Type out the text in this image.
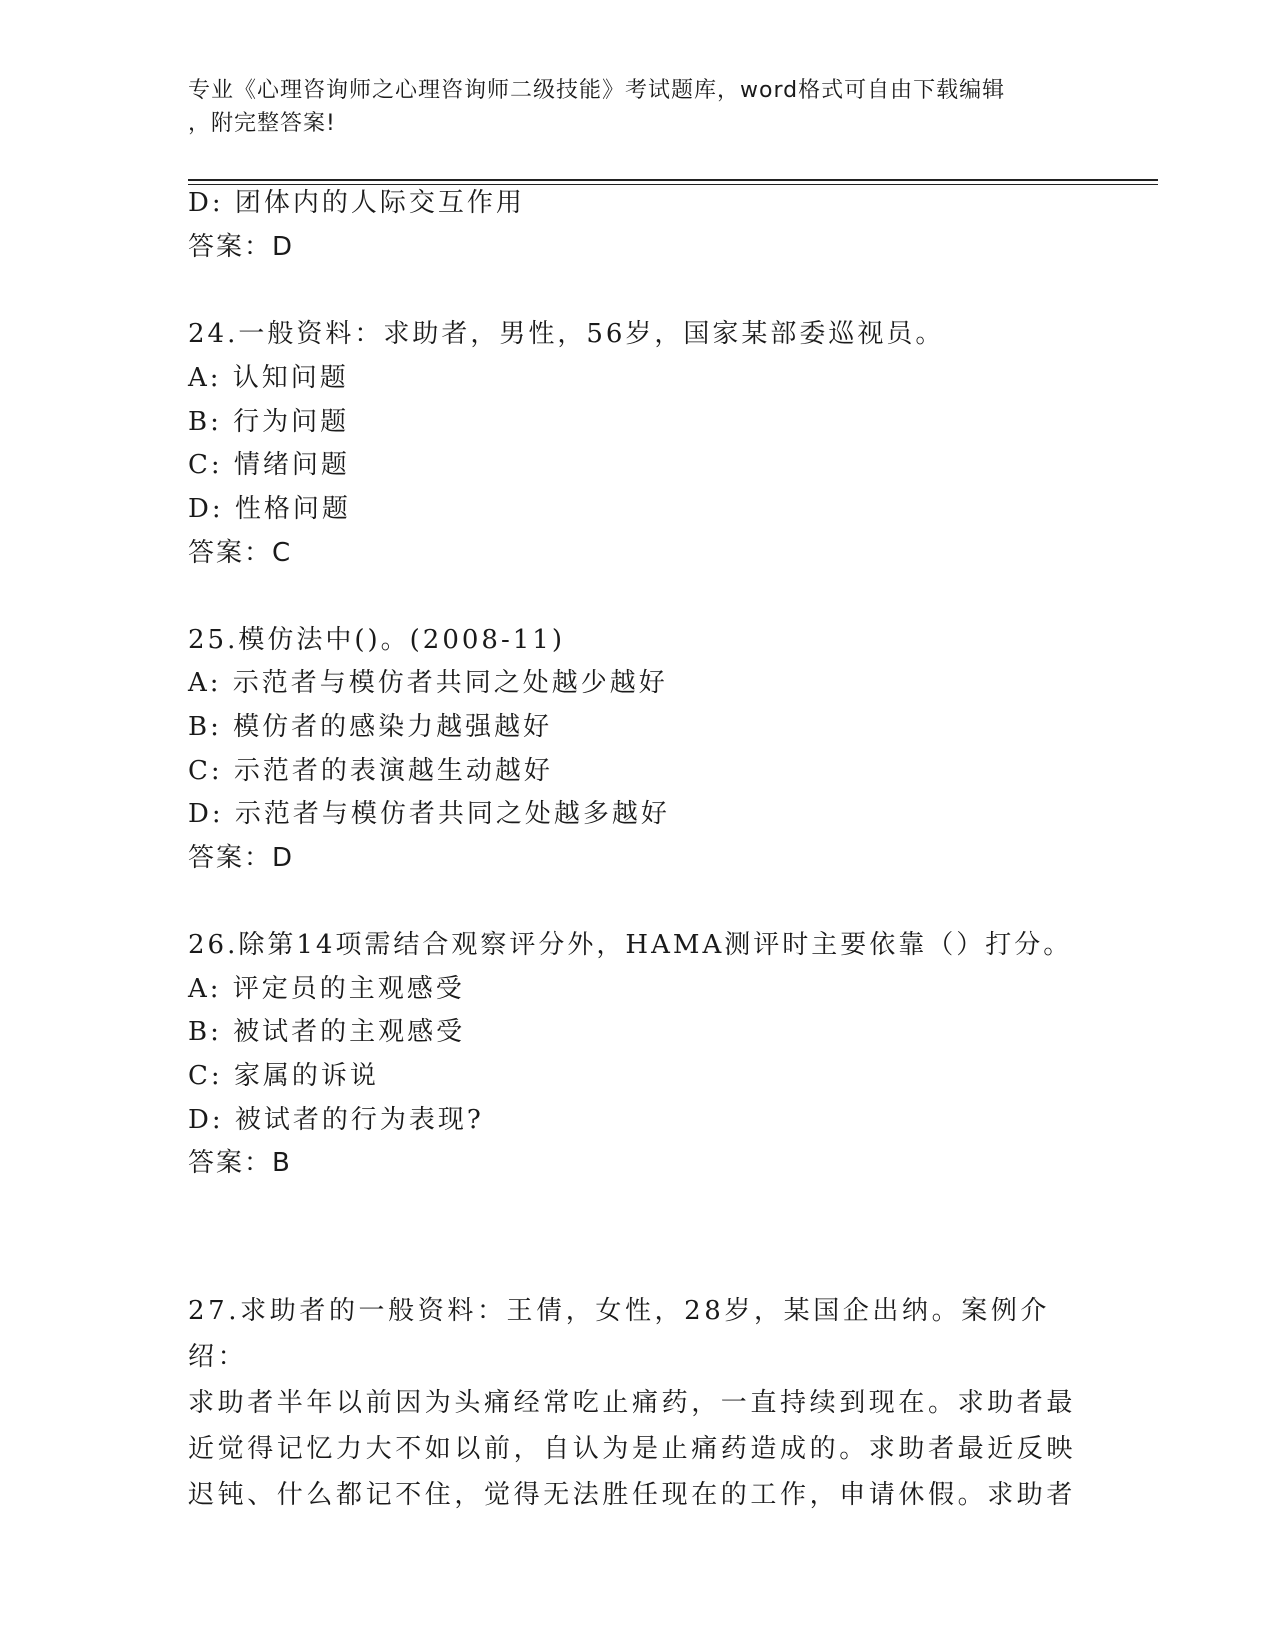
专业《心理咨询师之心理咨询师二级技能》考试题库，word格式可自由下载编辑
，附完整答案!
D: 团体内的人际交互作用
答案：D
24.一般资料：求助者，男性，56岁，国家某部委巡视员。
A: 认知问题
B: 行为问题
C: 情绪问题
D: 性格问题
答案：C
25.模仿法中()。(2008-11)
A: 示范者与模仿者共同之处越少越好
B: 模仿者的感染力越强越好
C: 示范者的表演越生动越好
D: 示范者与模仿者共同之处越多越好
答案：D
26.除第14项需结合观察评分外，HAMA测评时主要依靠（）打分。
A: 评定员的主观感受
B: 被试者的主观感受
C: 家属的诉说
D: 被试者的行为表现?
答案：B
27.求助者的一般资料：王倩，女性，28岁，某国企出纳。案例介绍：
求助者半年以前因为头痛经常吃止痛药，一直持续到现在。求助者最
近觉得记忆力大不如以前，自认为是止痛药造成的。求助者最近反映
迟钝、什么都记不住，觉得无法胜任现在的工作，申请休假。求助者
